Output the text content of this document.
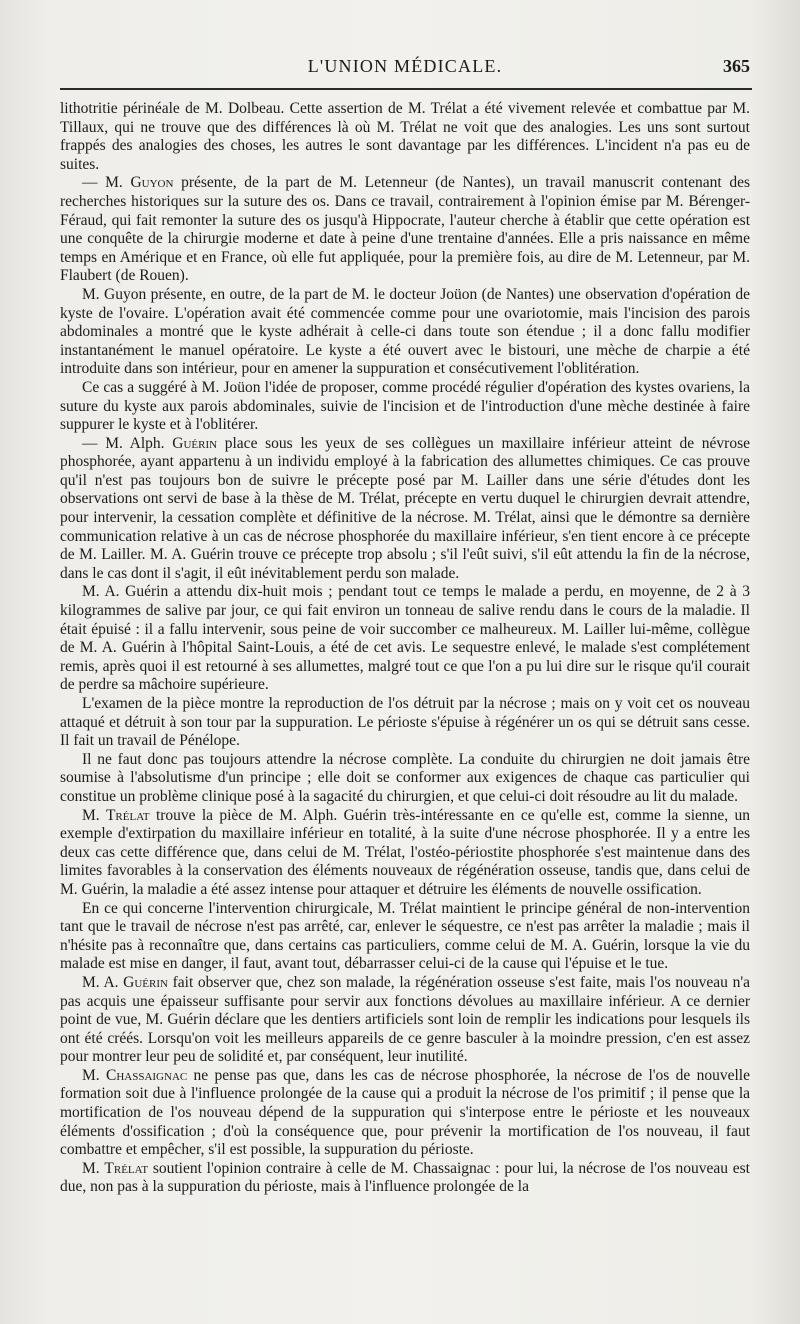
L'UNION MÉDICALE.	365

lithotritie périnéale de M. Dolbeau. Cette assertion de M. Trélat a été vivement relevée et combattue par M. Tillaux, qui ne trouve que des différences là où M. Trélat ne voit que des analogies. Les uns sont surtout frappés des analogies des choses, les autres le sont davantage par les différences. L'incident n'a pas eu de suites.

— M. Guyon présente, de la part de M. Letenneur (de Nantes), un travail manuscrit contenant des recherches historiques sur la suture des os. Dans ce travail, contrairement à l'opinion émise par M. Bérenger-Féraud, qui fait remonter la suture des os jusqu'à Hippocrate, l'auteur cherche à établir que cette opération est une conquête de la chirurgie moderne et date à peine d'une trentaine d'années. Elle a pris naissance en même temps en Amérique et en France, où elle fut appliquée, pour la première fois, au dire de M. Letenneur, par M. Flaubert (de Rouen).

M. Guyon présente, en outre, de la part de M. le docteur Joüon (de Nantes) une observation d'opération de kyste de l'ovaire. L'opération avait été commencée comme pour une ovariotomie, mais l'incision des parois abdominales a montré que le kyste adhérait à celle-ci dans toute son étendue ; il a donc fallu modifier instantanément le manuel opératoire. Le kyste a été ouvert avec le bistouri, une mèche de charpie a été introduite dans son intérieur, pour en amener la suppuration et consécutivement l'oblitération.

Ce cas a suggéré à M. Joüon l'idée de proposer, comme procédé régulier d'opération des kystes ovariens, la suture du kyste aux parois abdominales, suivie de l'incision et de l'introduction d'une mèche destinée à faire suppurer le kyste et à l'oblitérer.

— M. Alph. Guérin place sous les yeux de ses collègues un maxillaire inférieur atteint de névrose phosphorée, ayant appartenu à un individu employé à la fabrication des allumettes chimiques. Ce cas prouve qu'il n'est pas toujours bon de suivre le précepte posé par M. Lailler dans une série d'études dont les observations ont servi de base à la thèse de M. Trélat, précepte en vertu duquel le chirurgien devrait attendre, pour intervenir, la cessation complète et définitive de la nécrose. M. Trélat, ainsi que le démontre sa dernière communication relative à un cas de nécrose phosphorée du maxillaire inférieur, s'en tient encore à ce précepte de M. Lailler. M. A. Guérin trouve ce précepte trop absolu ; s'il l'eût suivi, s'il eût attendu la fin de la nécrose, dans le cas dont il s'agit, il eût inévitablement perdu son malade.

M. A. Guérin a attendu dix-huit mois ; pendant tout ce temps le malade a perdu, en moyenne, de 2 à 3 kilogrammes de salive par jour, ce qui fait environ un tonneau de salive rendu dans le cours de la maladie. Il était épuisé : il a fallu intervenir, sous peine de voir succomber ce malheureux. M. Lailler lui-même, collègue de M. A. Guérin à l'hôpital Saint-Louis, a été de cet avis. Le sequestre enlevé, le malade s'est complétement remis, après quoi il est retourné à ses allumettes, malgré tout ce que l'on a pu lui dire sur le risque qu'il courait de perdre sa mâchoire supérieure.

L'examen de la pièce montre la reproduction de l'os détruit par la nécrose ; mais on y voit cet os nouveau attaqué et détruit à son tour par la suppuration. Le périoste s'épuise à régénérer un os qui se détruit sans cesse. Il fait un travail de Pénélope.

Il ne faut donc pas toujours attendre la nécrose complète. La conduite du chirurgien ne doit jamais être soumise à l'absolutisme d'un principe ; elle doit se conformer aux exigences de chaque cas particulier qui constitue un problème clinique posé à la sagacité du chirurgien, et que celui-ci doit résoudre au lit du malade.

M. Trélat trouve la pièce de M. Alph. Guérin très-intéressante en ce qu'elle est, comme la sienne, un exemple d'extirpation du maxillaire inférieur en totalité, à la suite d'une nécrose phosphorée. Il y a entre les deux cas cette différence que, dans celui de M. Trélat, l'ostéo-périostite phosphorée s'est maintenue dans des limites favorables à la conservation des éléments nouveaux de régénération osseuse, tandis que, dans celui de M. Guérin, la maladie a été assez intense pour attaquer et détruire les éléments de nouvelle ossification.

En ce qui concerne l'intervention chirurgicale, M. Trélat maintient le principe général de non-intervention tant que le travail de nécrose n'est pas arrêté, car, enlever le séquestre, ce n'est pas arrêter la maladie ; mais il n'hésite pas à reconnaître que, dans certains cas particuliers, comme celui de M. A. Guérin, lorsque la vie du malade est mise en danger, il faut, avant tout, débarrasser celui-ci de la cause qui l'épuise et le tue.

M. A. Guérin fait observer que, chez son malade, la régénération osseuse s'est faite, mais l'os nouveau n'a pas acquis une épaisseur suffisante pour servir aux fonctions dévolues au maxillaire inférieur. A ce dernier point de vue, M. Guérin déclare que les dentiers artificiels sont loin de remplir les indications pour lesquels ils ont été créés. Lorsqu'on voit les meilleurs appareils de ce genre basculer à la moindre pression, c'en est assez pour montrer leur peu de solidité et, par conséquent, leur inutilité.

M. Chassaignac ne pense pas que, dans les cas de nécrose phosphorée, la nécrose de l'os de nouvelle formation soit due à l'influence prolongée de la cause qui a produit la nécrose de l'os primitif ; il pense que la mortification de l'os nouveau dépend de la suppuration qui s'interpose entre le périoste et les nouveaux éléments d'ossification ; d'où la conséquence que, pour prévenir la mortification de l'os nouveau, il faut combattre et empêcher, s'il est possible, la suppuration du périoste.

M. Trélat soutient l'opinion contraire à celle de M. Chassaignac : pour lui, la nécrose de l'os nouveau est due, non pas à la suppuration du périoste, mais à l'influence prolongée de la
